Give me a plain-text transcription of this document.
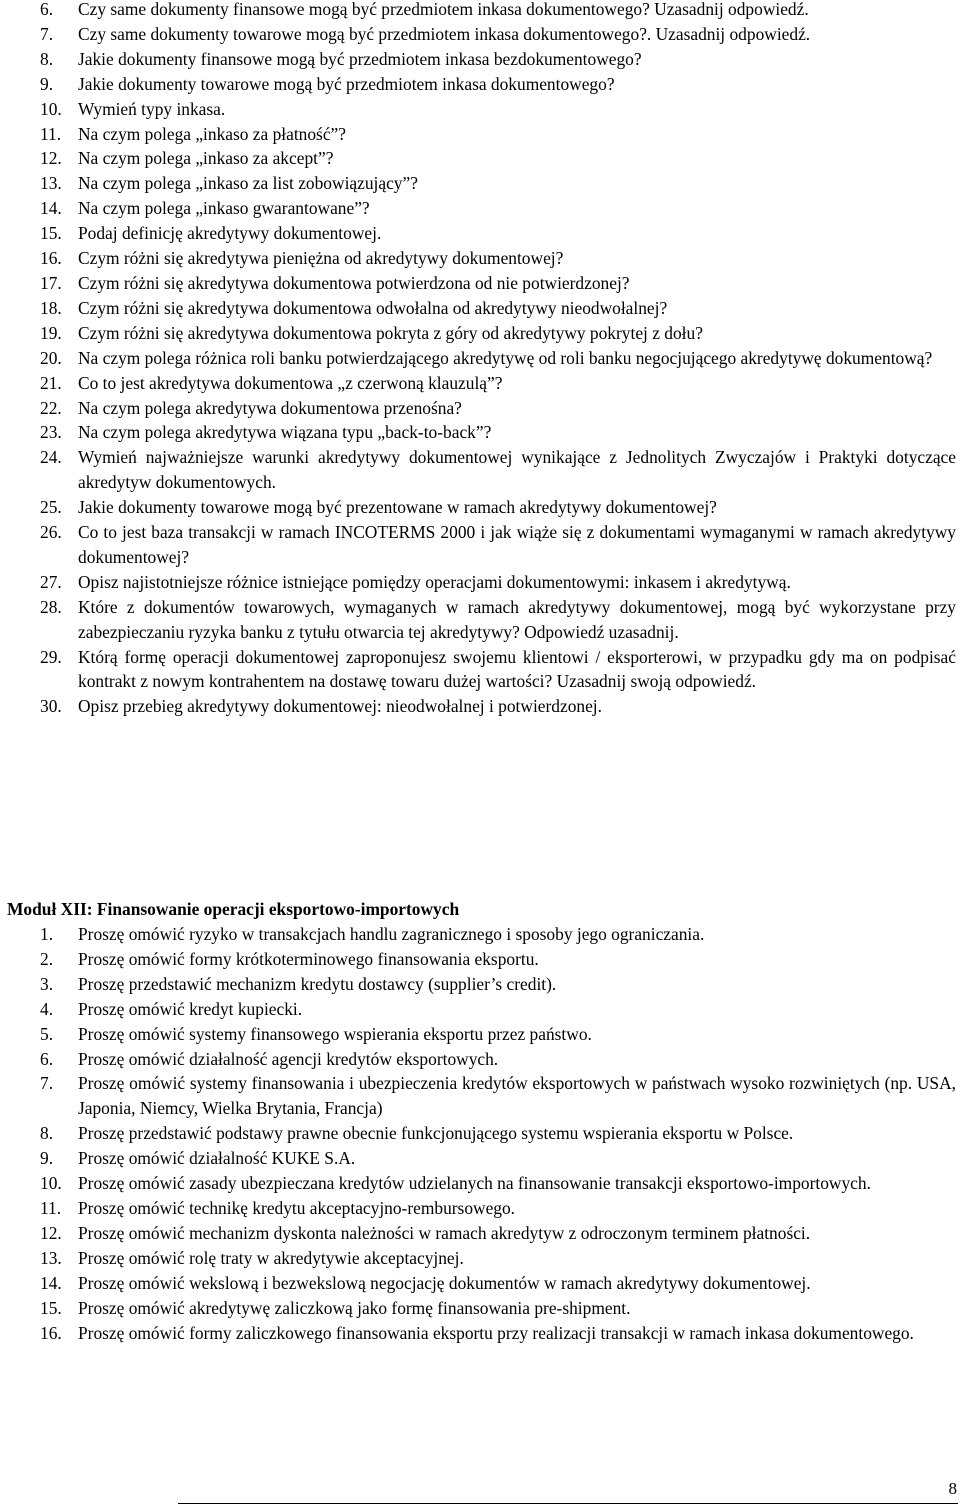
6. Czy same dokumenty finansowe mogą być przedmiotem inkasa dokumentowego? Uzasadnij odpowiedź.
7. Czy same dokumenty towarowe mogą być przedmiotem inkasa dokumentowego?. Uzasadnij odpowiedź.
8. Jakie dokumenty finansowe mogą być przedmiotem inkasa bezdokumentowego?
9. Jakie dokumenty towarowe mogą być przedmiotem inkasa dokumentowego?
10. Wymień typy inkasa.
11. Na czym polega „inkaso za płatność”?
12. Na czym polega „inkaso za akcept”?
13. Na czym polega „inkaso za list zobowiązujący”?
14. Na czym polega „inkaso gwarantowane”?
15. Podaj definicję akredytywy dokumentowej.
16. Czym różni się akredytywa pieniężna od akredytywy dokumentowej?
17. Czym różni się akredytywa dokumentowa potwierdzona od nie potwierdzonej?
18. Czym różni się akredytywa dokumentowa odwołalna od akredytywy nieodwołalnej?
19. Czym różni się akredytywa dokumentowa pokryta z góry od akredytywy pokrytej z dołu?
20. Na czym polega różnica roli banku potwierdzającego akredytywę od roli banku negocjującego akredytywę dokumentową?
21. Co to jest akredytywa dokumentowa „z czerwoną klauzulą”?
22. Na czym polega akredytywa dokumentowa przenośna?
23. Na czym polega akredytywa wiązana typu „back-to-back”?
24. Wymień najważniejsze warunki akredytywy dokumentowej wynikające z Jednolitych Zwyczajów i Praktyki dotyczące akredytyw dokumentowych.
25. Jakie dokumenty towarowe mogą być prezentowane w ramach akredytywy dokumentowej?
26. Co to jest baza transakcji w ramach INCOTERMS 2000 i jak wiąże się z dokumentami wymaganymi w ramach akredytywy dokumentowej?
27. Opisz najistotniejsze różnice istniejące pomiędzy operacjami dokumentowymi: inkasem i akredytywą.
28. Które z dokumentów towarowych, wymaganych w ramach akredytywy dokumentowej, mogą być wykorzystane przy zabezpieczaniu ryzyka banku z tytułu otwarcia tej akredytywy? Odpowiedź uzasadnij.
29. Którą formę operacji dokumentowej zaproponujesz swojemu klientowi / eksporterowi, w przypadku gdy ma on podpisać kontrakt z nowym kontrahentem na dostawę towaru dużej wartości? Uzasadnij swoją odpowiedź.
30. Opisz przebieg akredytywy dokumentowej: nieodwołalnej i potwierdzonej.
Moduł XII: Finansowanie operacji eksportowo-importowych
1. Proszę omówić ryzyko w transakcjach handlu zagranicznego i sposoby jego ograniczania.
2. Proszę omówić formy krótkoterminowego finansowania eksportu.
3. Proszę przedstawić mechanizm kredytu dostawcy (supplier’s credit).
4. Proszę omówić kredyt kupiecki.
5. Proszę omówić systemy finansowego wspierania eksportu przez państwo.
6. Proszę omówić działalność agencji kredytów eksportowych.
7. Proszę omówić systemy finansowania i ubezpieczenia kredytów eksportowych w państwach wysoko rozwiniętych (np. USA, Japonia, Niemcy, Wielka Brytania, Francja)
8. Proszę przedstawić podstawy prawne obecnie funkcjonującego systemu wspierania eksportu w Polsce.
9. Proszę omówić działalność KUKE S.A.
10. Proszę omówić zasady ubezpieczana kredytów udzielanych na finansowanie transakcji eksportowo-importowych.
11. Proszę omówić technikę kredytu akceptacyjno-rembursowego.
12. Proszę omówić mechanizm dyskonta należności w ramach akredytyw z odroczonym terminem płatności.
13. Proszę omówić rolę traty w akredytywie akceptacyjnej.
14. Proszę omówić wekslową i bezwekslową negocjację dokumentów w ramach akredytywy dokumentowej.
15. Proszę omówić akredytywę zaliczkową jako formę finansowania pre-shipment.
16. Proszę omówić formy zaliczkowego finansowania eksportu przy realizacji transakcji w ramach inkasa dokumentowego.
8
